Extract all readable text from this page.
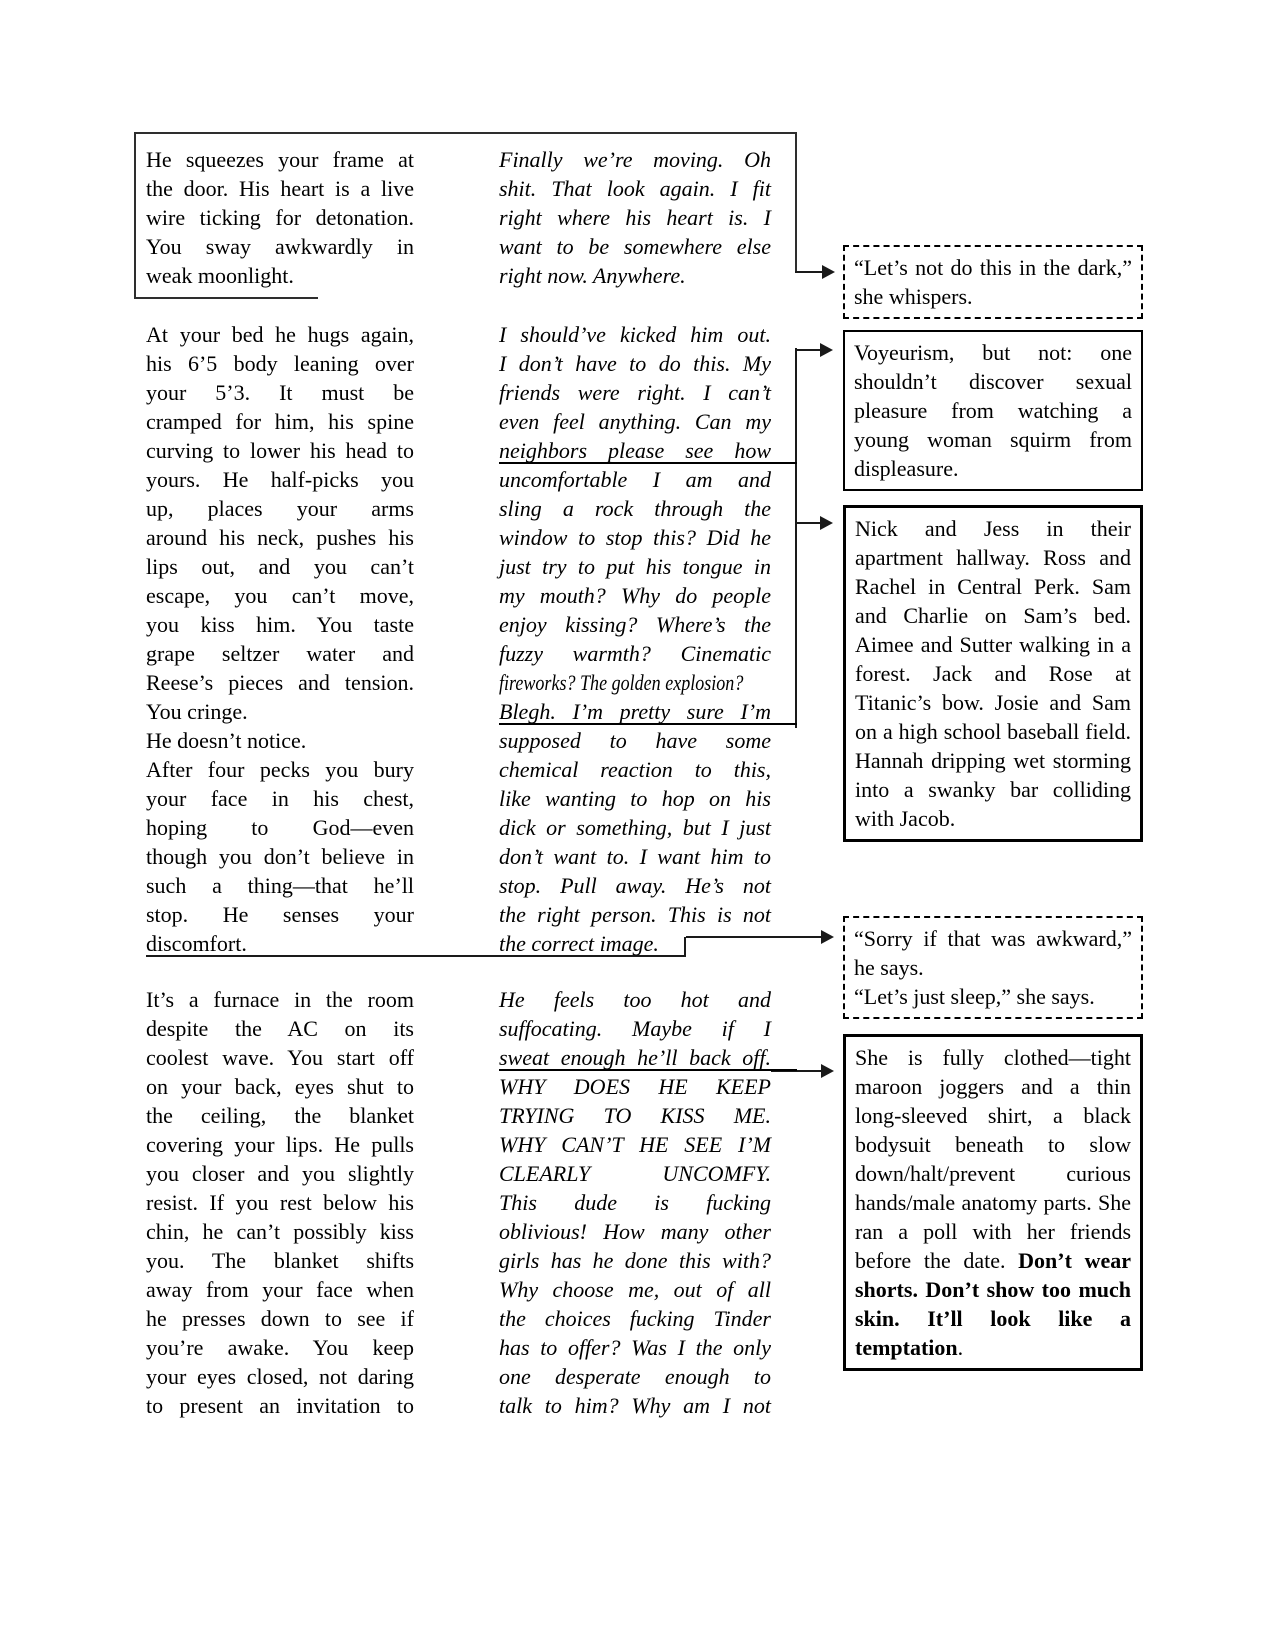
He squeezes your frame at
the door. His heart is a live
wire ticking for detonation.
You sway awkwardly in
weak moonlight.
At your bed he hugs again,
his 6’5 body leaning over
your 5’3. It must be
cramped for him, his spine
curving to lower his head to
yours. He half-picks you
up, places your arms
around his neck, pushes his
lips out, and you can’t
escape, you can’t move,
you kiss him. You taste
grape seltzer water and
Reese’s pieces and tension.
You cringe.
He doesn’t notice.
After four pecks you bury
your face in his chest,
hoping to God—even
though you don’t believe in
such a thing—that he’ll
stop. He senses your
discomfort.
It’s a furnace in the room
despite the AC on its
coolest wave. You start off
on your back, eyes shut to
the ceiling, the blanket
covering your lips. He pulls
you closer and you slightly
resist. If you rest below his
chin, he can’t possibly kiss
you. The blanket shifts
away from your face when
he presses down to see if
you’re awake. You keep
your eyes closed, not daring
to present an invitation to
Finally we’re moving. Oh
shit. That look again. I fit
right where his heart is. I
want to be somewhere else
right now. Anywhere.
I should’ve kicked him out.
I don’t have to do this. My
friends were right. I can’t
even feel anything. Can my
neighbors please see how
uncomfortable I am and
sling a rock through the
window to stop this? Did he
just try to put his tongue in
my mouth? Why do people
enjoy kissing? Where’s the
fuzzy warmth? Cinematic
fireworks? The golden explosion?
Blegh. I’m pretty sure I’m
supposed to have some
chemical reaction to this,
like wanting to hop on his
dick or something, but I just
don’t want to. I want him to
stop. Pull away. He’s not
the right person. This is not
the correct image.
He feels too hot and
suffocating. Maybe if I
sweat enough he’ll back off.
WHY DOES HE KEEP
TRYING TO KISS ME.
WHY CAN’T HE SEE I’M
CLEARLY UNCOMFY.
This dude is fucking
oblivious! How many other
girls has he done this with?
Why choose me, out of all
the choices fucking Tinder
has to offer? Was I the only
one desperate enough to
talk to him? Why am I not
“Let’s not do this in the dark,” she whispers.
Voyeurism, but not: one shouldn’t discover sexual pleasure from watching a young woman squirm from displeasure.
Nick and Jess in their apartment hallway. Ross and Rachel in Central Perk. Sam and Charlie on Sam’s bed. Aimee and Sutter walking in a forest. Jack and Rose at Titanic’s bow. Josie and Sam on a high school baseball field. Hannah dripping wet storming into a swanky bar colliding with Jacob.
“Sorry if that was awkward,” he says.
“Let’s just sleep,” she says.
She is fully clothed—tight maroon joggers and a thin long-sleeved shirt, a black bodysuit beneath to slow down/halt/prevent curious hands/male anatomy parts. She ran a poll with her friends before the date. Don’t wear shorts. Don’t show too much skin. It’ll look like a temptation.
